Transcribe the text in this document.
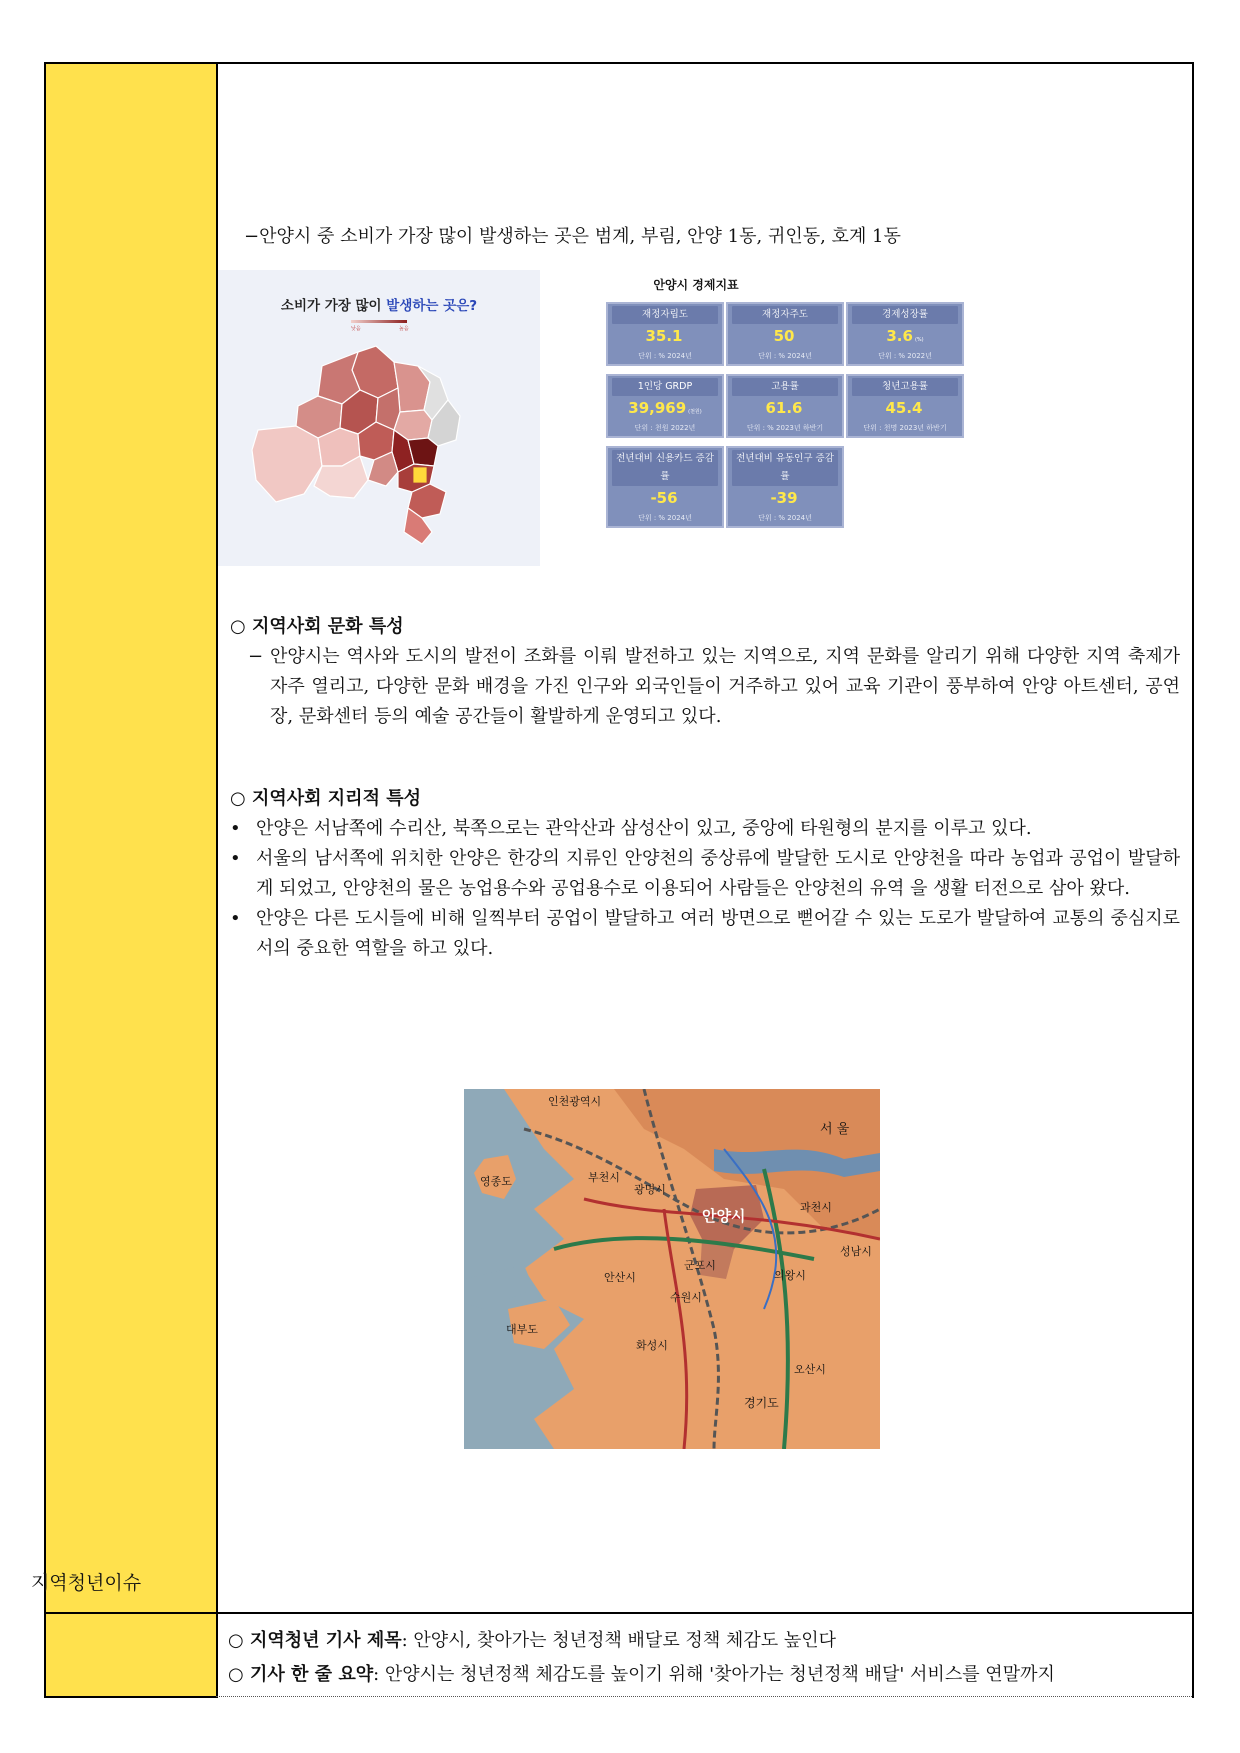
지역청년이슈
−안양시 중 소비가 가장 많이 발생하는 곳은 범계, 부림, 안양 1동, 귀인동, 호계 1동
소비가 가장 많이 발생하는 곳은?
낮음	높음
안양시 경제지표
재정자립도
35.1
단위 : % 2024년
재정자주도
50
단위 : % 2024년
경제성장률
3.6 (%)
단위 : % 2022년
1인당 GRDP
39,969 (천원)
단위 : 천원 2022년
고용률
61.6
단위 : % 2023년 하반기
청년고용률
45.4
단위 : 천명 2023년 하반기
전년대비 신용카드 증감률
-56
단위 : % 2024년
전년대비 유동인구 증감률
-39
단위 : % 2024년
○ 지역사회 문화 특성
− 안양시는 역사와 도시의 발전이 조화를 이뤄 발전하고 있는 지역으로, 지역 문화를 알리기 위해 다양한 지역 축제가 자주 열리고, 다양한 문화 배경을 가진 인구와 외국인들이 거주하고 있어 교육 기관이 풍부하여 안양 아트센터, 공연장, 문화센터 등의 예술 공간들이 활발하게 운영되고 있다.
○ 지역사회 지리적 특성
• 안양은 서남쪽에 수리산, 북쪽으로는 관악산과 삼성산이 있고, 중앙에 타원형의 분지를 이루고 있다.
• 서울의 남서쪽에 위치한 안양은 한강의 지류인 안양천의 중상류에 발달한 도시로 안양천을 따라 농업과 공업이 발달하게 되었고, 안양천의 물은 농업용수와 공업용수로 이용되어 사람들은 안양천의 유역 을 생활 터전으로 삼아 왔다.
• 안양은 다른 도시들에 비해 일찍부터 공업이 발달하고 여러 방면으로 뻗어갈 수 있는 도로가 발달하여 교통의 중심지로서의 중요한 역할을 하고 있다.
인천광역시
서 울
영종도	부천시
광명시
안양시	과천시
성남시
의왕시
군포시
안산시
수원시
화성시
대부도
오산시
경기도
○ 지역청년 기사 제목: 안양시, 찾아가는 청년정책 배달로 정책 체감도 높인다
○ 기사 한 줄 요약: 안양시는 청년정책 체감도를 높이기 위해 '찾아가는 청년정책 배달' 서비스를 연말까지
